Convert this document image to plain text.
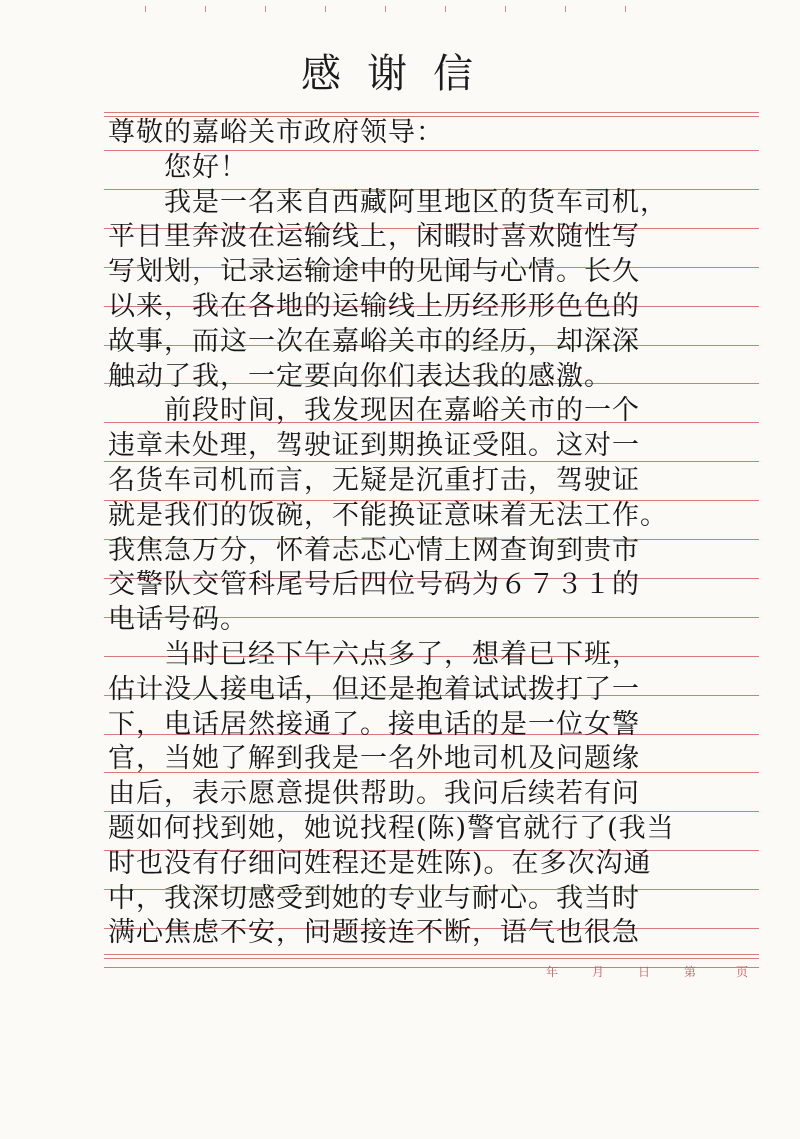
感谢信
尊敬的嘉峪关市政府领导：
　　您好！
　　我是一名来自西藏阿里地区的货车司机，
平日里奔波在运输线上，闲暇时喜欢随性写
写划划，记录运输途中的见闻与心情。长久
以来，我在各地的运输线上历经形形色色的
故事，而这一次在嘉峪关市的经历，却深深
触动了我，一定要向你们表达我的感激。
　　前段时间，我发现因在嘉峪关市的一个
违章未处理，驾驶证到期换证受阻。这对一
名货车司机而言，无疑是沉重打击，驾驶证
就是我们的饭碗，不能换证意味着无法工作。
我焦急万分，怀着忐忑心情上网查询到贵市
交警队交管科尾号后四位号码为６７３１的
电话号码。
　　当时已经下午六点多了，想着已下班，
估计没人接电话，但还是抱着试试拨打了一
下，电话居然接通了。接电话的是一位女警
官，当她了解到我是一名外地司机及问题缘
由后，表示愿意提供帮助。我问后续若有问
题如何找到她，她说找程(陈)警官就行了(我当
时也没有仔细问姓程还是姓陈)。在多次沟通
中，我深切感受到她的专业与耐心。我当时
满心焦虑不安，问题接连不断，语气也很急
年	月	日	第	页
